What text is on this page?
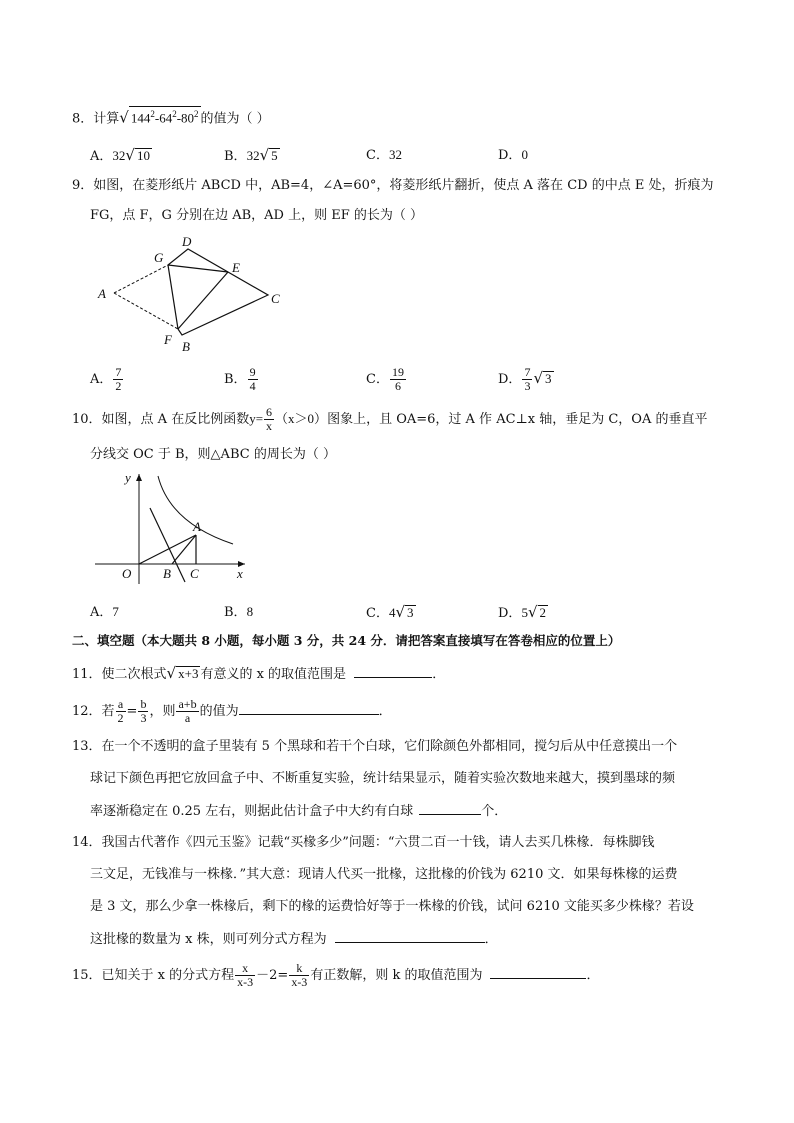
8．计算√ $144^2-64^2-80^2$ 的值为（ ）
A．32√ 10	B．32√ 5	C．32	D．0
9．如图，在菱形纸片 ABCD 中，AB=4，∠A=60°，将菱形纸片翻折，使点 A 落在 CD 的中点 E 处，折痕为
FG，点 F，G 分别在边 AB，AD 上，则 EF 的长为（ ）
A
D
G
E
C
F B
A． $\frac{7}{2}$	B． $\frac{9}{4}$	C． $\frac{19}{6}$	D． $\frac{7}{3}$ √ 3
10．如图，点 A 在反比例函数$y= \frac{6}{x} (x>0)$图象上，且 OA=6，过 A 作 AC⊥x 轴，垂足为 C，OA 的垂直平
分线交 OC 于 B，则△ABC 的周长为（ ）
y
x
O
A
B C
A．7	B．8	C．4√ 3	D．5√ 2
二、填空题（本大题共 8 小题，每小题 3 分，共 24 分．请把答案直接填写在答卷相应的位置上）
11．使二次根式√ x+3 有意义的 x 的取值范围是	．
12．若 $\frac{a}{2} = \frac{b}{3}$ ，则 $\frac{a+b}{a}$ 的值为	．
13．在一个不透明的盒子里装有 5 个黑球和若干个白球，它们除颜色外都相同，搅匀后从中任意摸出一个
球记下颜色再把它放回盒子中、不断重复实验，统计结果显示，随着实验次数地来越大，摸到墨球的频
率逐渐稳定在 0.25 左右，则据此估计盒子中大约有白球	个．
14．我国古代著作《四元玉鉴》记载“买椽多少”问题：“六贯二百一十钱，请人去买几株椽．每株脚钱
三文足，无钱准与一株椽．”其大意：现请人代买一批椽，这批椽的价钱为 6210 文．如果每株椽的运费
是 3 文，那么少拿一株椽后，剩下的椽的运费恰好等于一株椽的价钱，试问 6210 文能买多少株椽？若设
这批椽的数量为 x 株，则可列分式方程为	．
15．已知关于 x 的分式方程 $\frac{x}{x-3} -2= \frac{k}{x-3}$ 有正数解，则 k 的取值范围为	．
